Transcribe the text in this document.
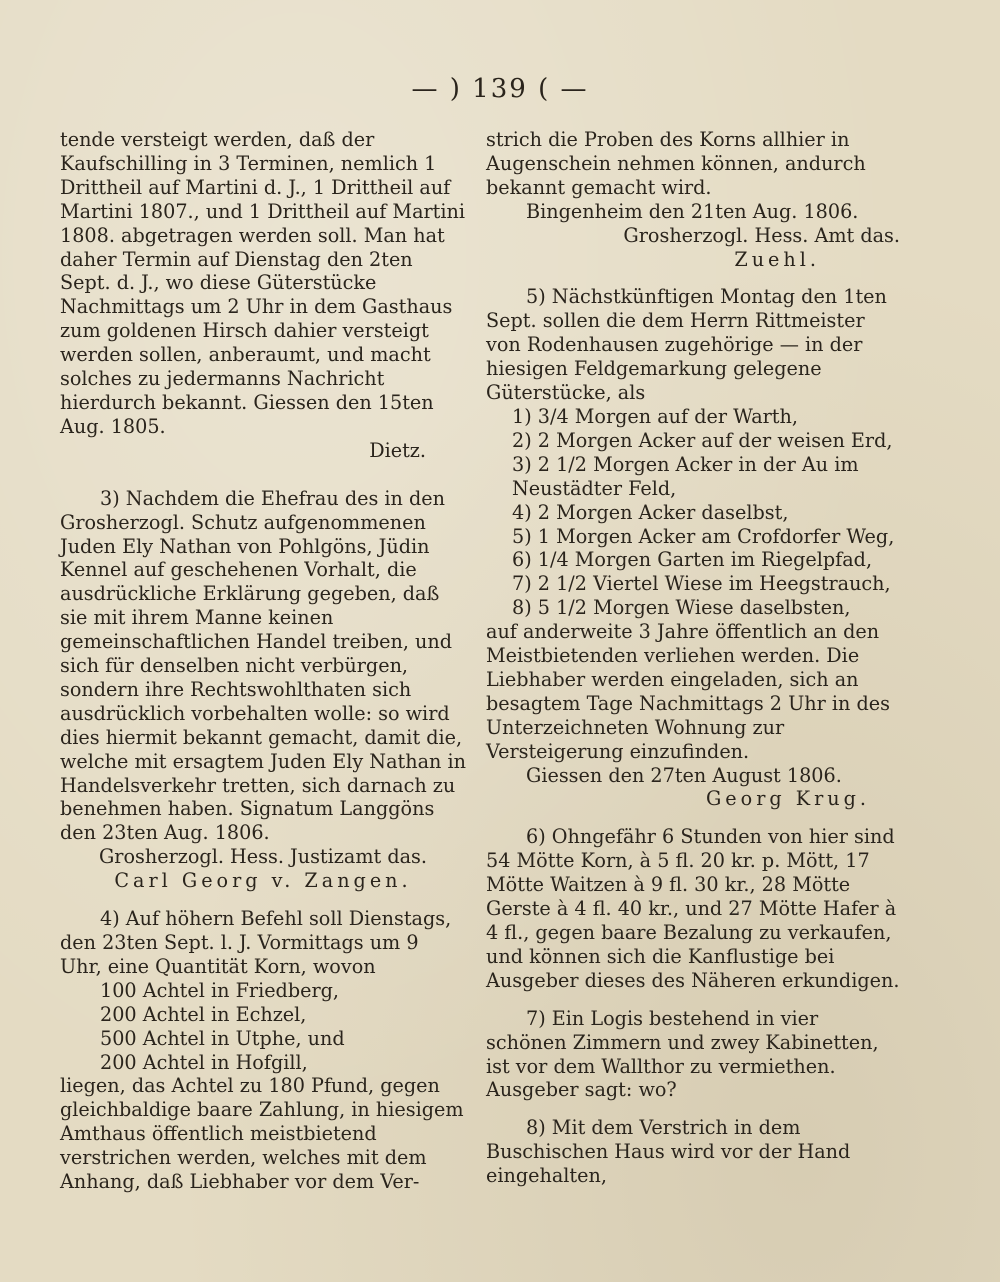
— ) 139 ( —

tende versteigt werden, daß der Kaufschilling in 3 Terminen, nemlich 1 Drittheil auf Martini d. J., 1 Drittheil auf Martini 1807., und 1 Drittheil auf Martini 1808. abgetragen werden soll. Man hat daher Termin auf Dienstag den 2ten Sept. d. J., wo diese Güterstücke Nachmittags um 2 Uhr in dem Gasthaus zum goldenen Hirsch dahier versteigt werden sollen, anberaumt, und macht solches zu jedermanns Nachricht hierdurch bekannt. Giessen den 15ten Aug. 1805.

Dietz.

3) Nachdem die Ehefrau des in den Grosherzogl. Schutz aufgenommenen Juden Ely Nathan von Pohlgöns, Jüdin Kennel auf geschehenen Vorhalt, die ausdrückliche Erklärung gegeben, daß sie mit ihrem Manne keinen gemeinschaftlichen Handel treiben, und sich für denselben nicht verbürgen, sondern ihre Rechtswohlthaten sich ausdrücklich vorbehalten wolle: so wird dies hiermit bekannt gemacht, damit die, welche mit ersagtem Juden Ely Nathan in Handelsverkehr tretten, sich darnach zu benehmen haben. Signatum Langgöns den 23ten Aug. 1806.

Grosherzogl. Hess. Justizamt das.

Carl Georg v. Zangen.

4) Auf höhern Befehl soll Dienstags, den 23ten Sept. l. J. Vormittags um 9 Uhr, eine Quantität Korn, wovon

100 Achtel in Friedberg,

200 Achtel in Echzel,

500 Achtel in Utphe, und

200 Achtel in Hofgill,

liegen, das Achtel zu 180 Pfund, gegen gleichbaldige baare Zahlung, in hiesigem Amthaus öffentlich meistbietend verstrichen werden, welches mit dem Anhang, daß Liebhaber vor dem Ver-

strich die Proben des Korns allhier in Augenschein nehmen können, andurch bekannt gemacht wird.

Bingenheim den 21ten Aug. 1806.

Grosherzogl. Hess. Amt das.

Zuehl.

5) Nächstkünftigen Montag den 1ten Sept. sollen die dem Herrn Rittmeister von Rodenhausen zugehörige — in der hiesigen Feldgemarkung gelegene Güterstücke, als

1) 3/4 Morgen auf der Warth,

2) 2 Morgen Acker auf der weisen Erd,

3) 2 1/2 Morgen Acker in der Au im Neustädter Feld,

4) 2 Morgen Acker daselbst,

5) 1 Morgen Acker am Crofdorfer Weg,

6) 1/4 Morgen Garten im Riegelpfad,

7) 2 1/2 Viertel Wiese im Heegstrauch,

8) 5 1/2 Morgen Wiese daselbsten,

auf anderweite 3 Jahre öffentlich an den Meistbietenden verliehen werden. Die Liebhaber werden eingeladen, sich an besagtem Tage Nachmittags 2 Uhr in des Unterzeichneten Wohnung zur Versteigerung einzufinden.

Giessen den 27ten August 1806.

Georg Krug.

6) Ohngefähr 6 Stunden von hier sind 54 Mötte Korn, à 5 fl. 20 kr. p. Mött, 17 Mötte Waitzen à 9 fl. 30 kr., 28 Mötte Gerste à 4 fl. 40 kr., und 27 Mötte Hafer à 4 fl., gegen baare Bezalung zu verkaufen, und können sich die Kanflustige bei Ausgeber dieses des Näheren erkundigen.

7) Ein Logis bestehend in vier schönen Zimmern und zwey Kabinetten, ist vor dem Wallthor zu vermiethen. Ausgeber sagt: wo?

8) Mit dem Verstrich in dem Buschischen Haus wird vor der Hand eingehalten,
